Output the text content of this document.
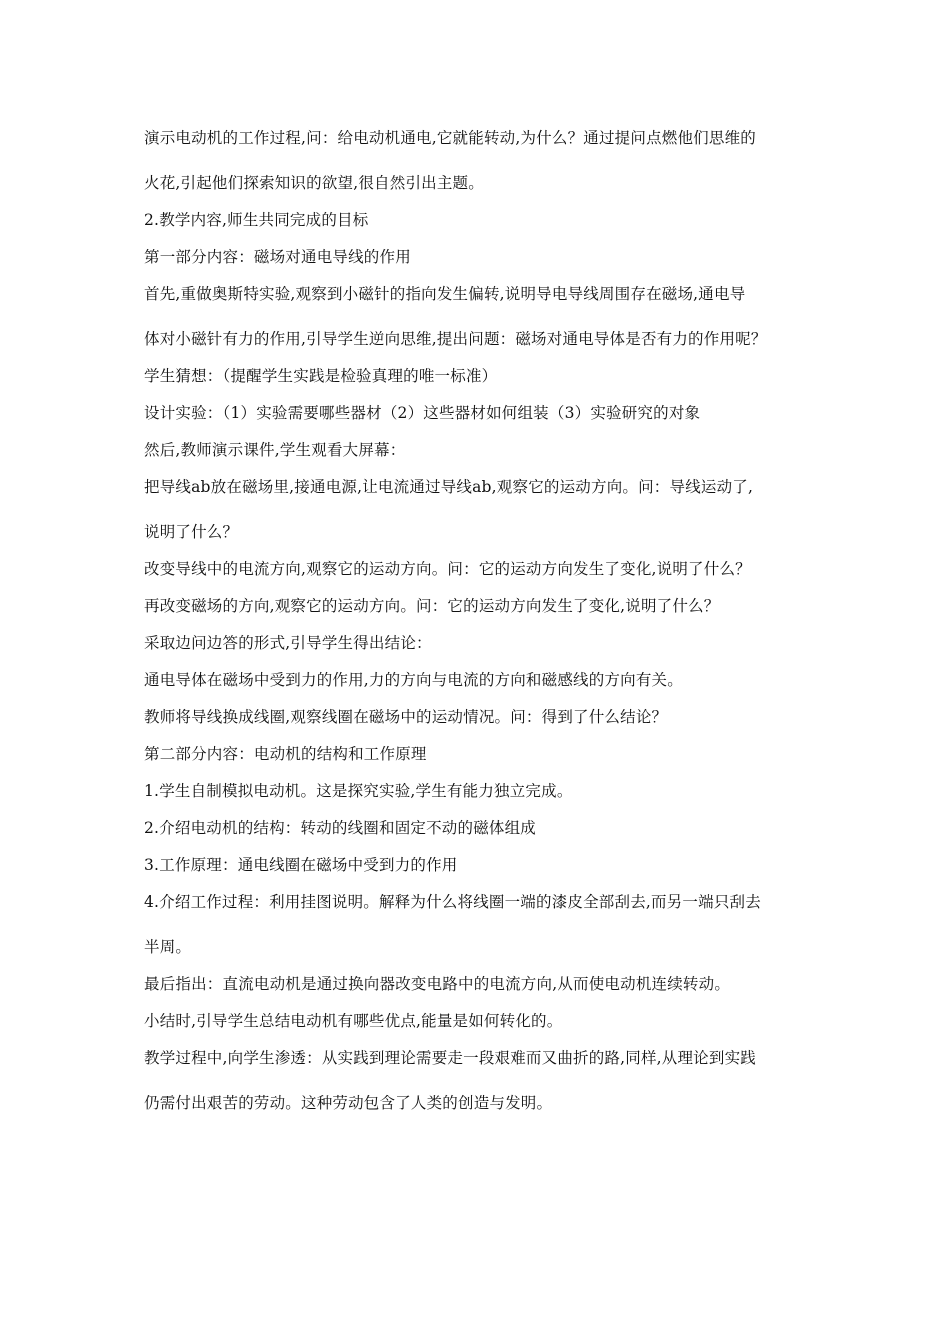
演示电动机的工作过程,问：给电动机通电,它就能转动,为什么？通过提问点燃他们思维的
火花,引起他们探索知识的欲望,很自然引出主题。
2.教学内容,师生共同完成的目标
第一部分内容：磁场对通电导线的作用
首先,重做奥斯特实验,观察到小磁针的指向发生偏转,说明导电导线周围存在磁场,通电导
体对小磁针有力的作用,引导学生逆向思维,提出问题：磁场对通电导体是否有力的作用呢？
学生猜想：（提醒学生实践是检验真理的唯一标准）
设计实验：（1）实验需要哪些器材（2）这些器材如何组装（3）实验研究的对象
然后,教师演示课件,学生观看大屏幕：
把导线ab放在磁场里,接通电源,让电流通过导线ab,观察它的运动方向。问：导线运动了,
说明了什么？
改变导线中的电流方向,观察它的运动方向。问：它的运动方向发生了变化,说明了什么？
再改变磁场的方向,观察它的运动方向。问：它的运动方向发生了变化,说明了什么？
采取边问边答的形式,引导学生得出结论：
通电导体在磁场中受到力的作用,力的方向与电流的方向和磁感线的方向有关。
教师将导线换成线圈,观察线圈在磁场中的运动情况。问：得到了什么结论？
第二部分内容：电动机的结构和工作原理
1.学生自制模拟电动机。这是探究实验,学生有能力独立完成。
2.介绍电动机的结构：转动的线圈和固定不动的磁体组成
3.工作原理：通电线圈在磁场中受到力的作用
4.介绍工作过程：利用挂图说明。解释为什么将线圈一端的漆皮全部刮去,而另一端只刮去
半周。
最后指出：直流电动机是通过换向器改变电路中的电流方向,从而使电动机连续转动。
小结时,引导学生总结电动机有哪些优点,能量是如何转化的。
教学过程中,向学生渗透：从实践到理论需要走一段艰难而又曲折的路,同样,从理论到实践
仍需付出艰苦的劳动。这种劳动包含了人类的创造与发明。
